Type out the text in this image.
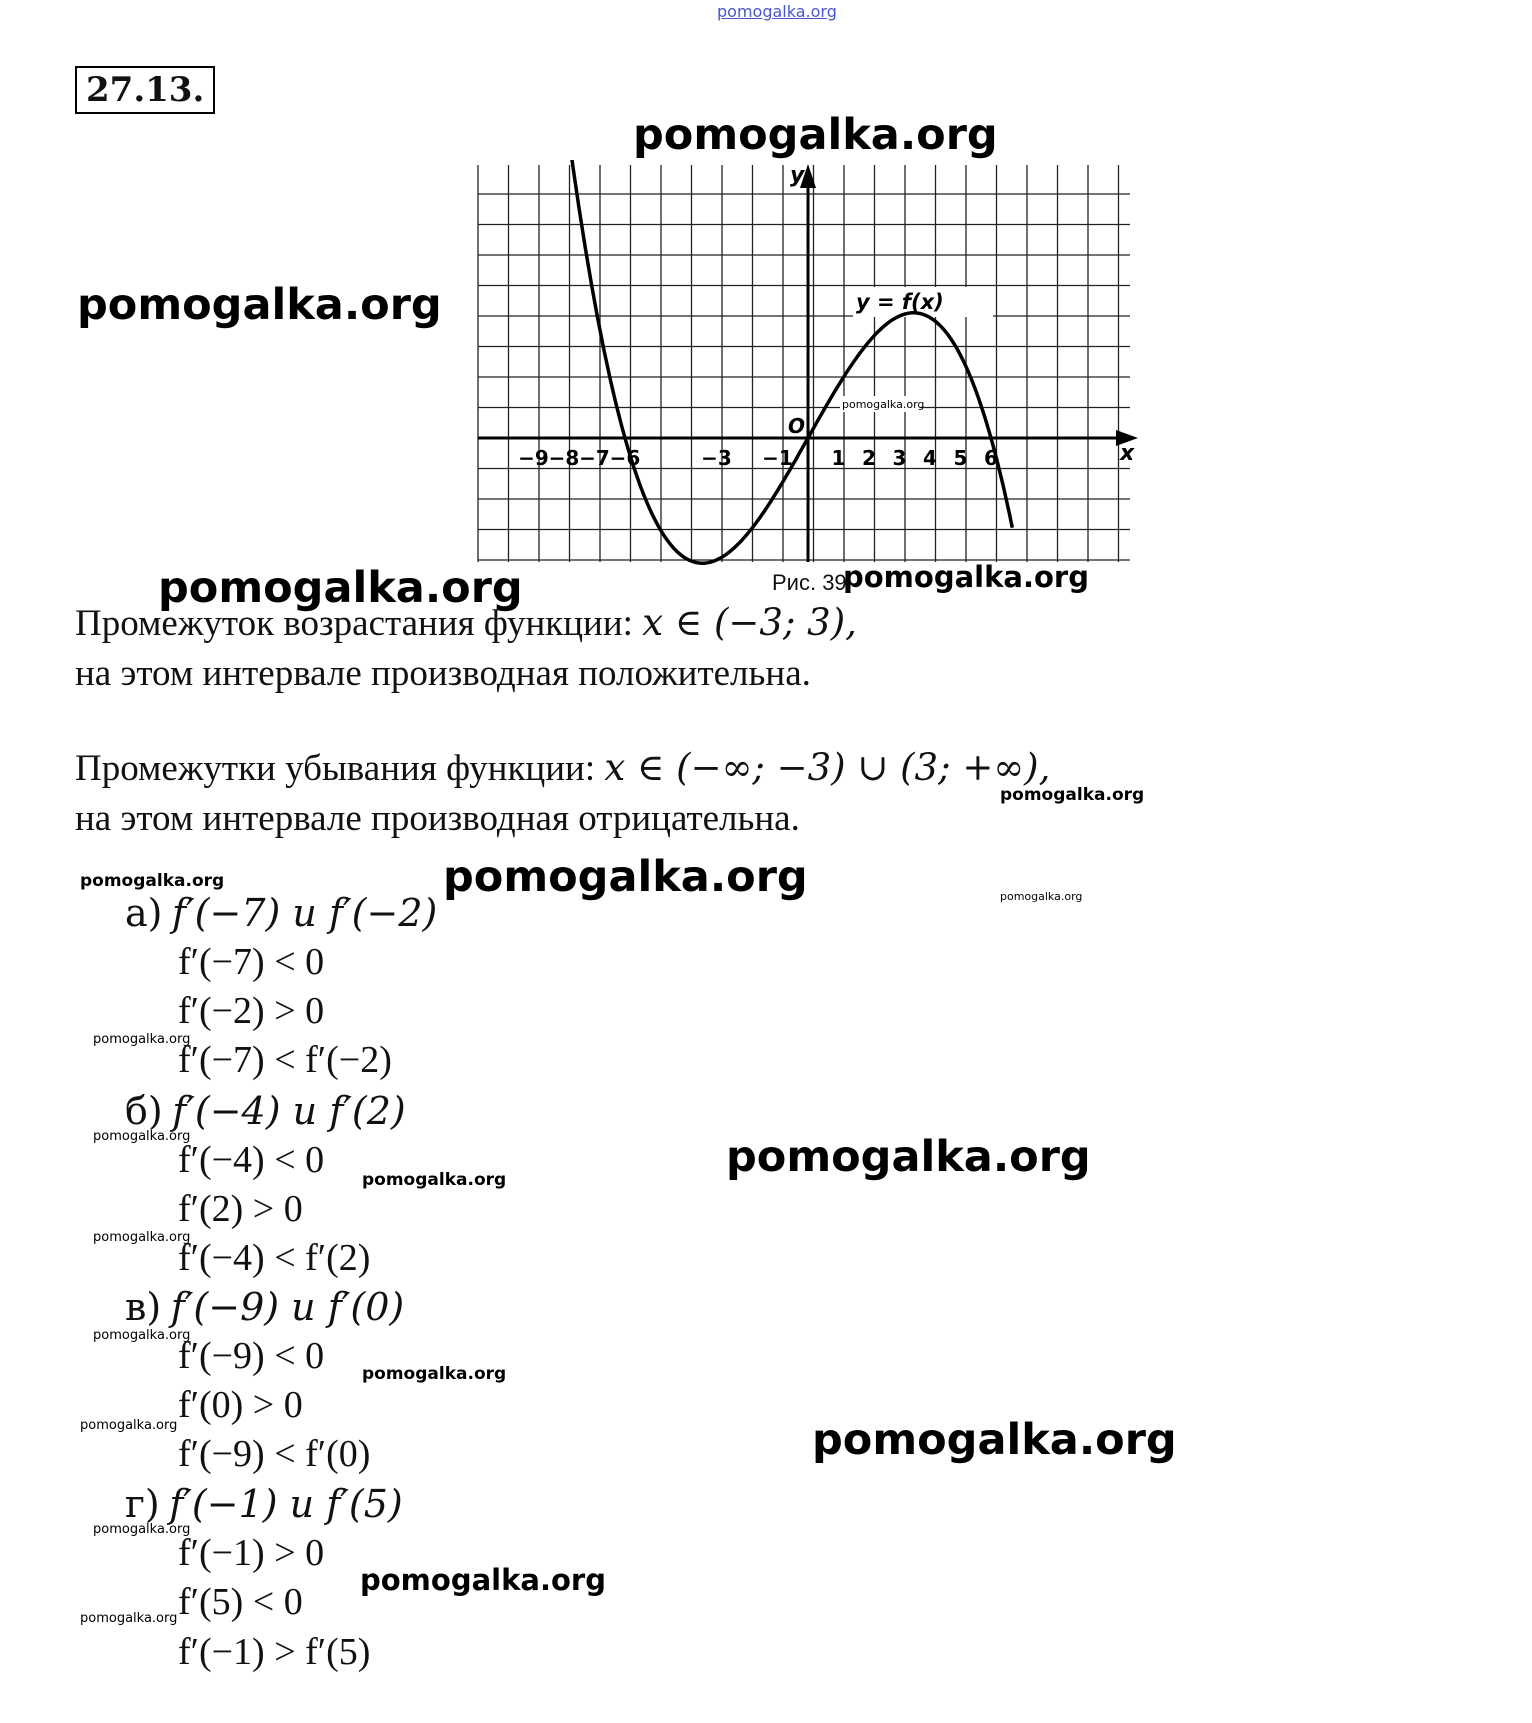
pomogalka.org
27.13.
pomogalka.org
pomogalka.org
pomogalka.org	pomogalka.org
pomogalka.org
pomogalka.org	pomogalka.org	pomogalka.org
pomogalka.org
pomogalka.org
pomogalka.org	pomogalka.org
pomogalka.org
pomogalka.org
pomogalka.org
pomogalka.org	pomogalka.org
pomogalka.org
pomogalka.org
pomogalka.org
−9 −8 −7 −6	−3 −1 1 2 3 4 5 6
y
x
O
y = f(x)
pomogalka.org
Рис. 39
Промежуток возрастания функции: x ∈ (−3; 3),
на этом интервале производная положительна.
Промежутки убывания функции: x ∈ (−∞; −3) ∪ (3; +∞),
на этом интервале производная отрицательна.
а) f′(−7) и f′(−2)
f′(−7) < 0
f′(−2) > 0
f′(−7) < f′(−2)
б) f′(−4) и f′(2)
f′(−4) < 0
f′(2) > 0
f′(−4) < f′(2)
в) f′(−9) и f′(0)
f′(−9) < 0
f′(0) > 0
f′(−9) < f′(0)
г) f′(−1) и f′(5)
f′(−1) > 0
f′(5) < 0
f′(−1) > f′(5)
